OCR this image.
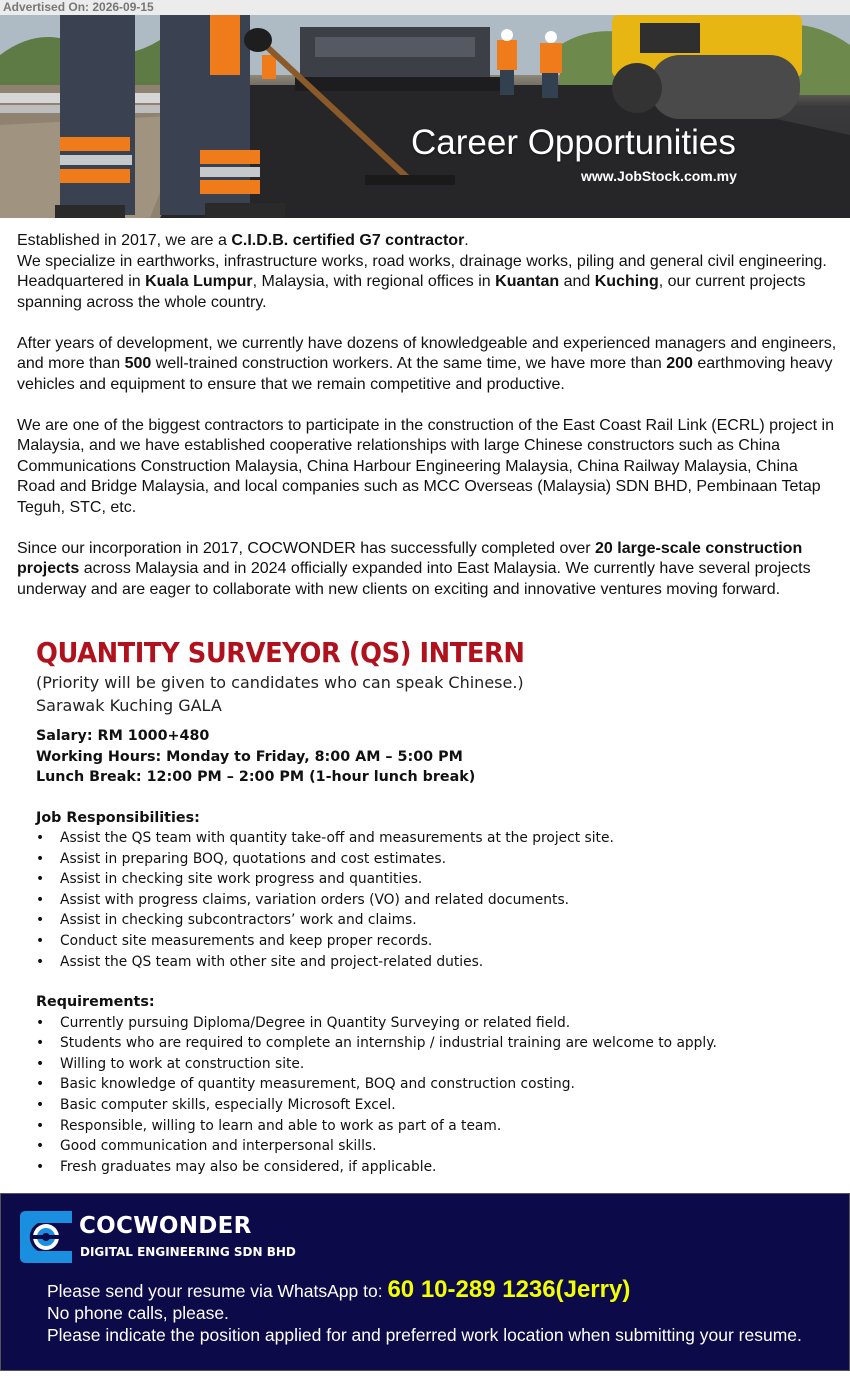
Advertised On: 2026-09-15
Career Opportunities
www.JobStock.com.my

Established in 2017, we are a C.I.D.B. certified G7 contractor.
We specialize in earthworks, infrastructure works, road works, drainage works, piling and general civil engineering. Headquartered in Kuala Lumpur, Malaysia, with regional offices in Kuantan and Kuching, our current projects spanning across the whole country.

After years of development, we currently have dozens of knowledgeable and experienced managers and engineers, and more than 500 well-trained construction workers. At the same time, we have more than 200 earthmoving heavy vehicles and equipment to ensure that we remain competitive and productive.

We are one of the biggest contractors to participate in the construction of the East Coast Rail Link (ECRL) project in Malaysia, and we have established cooperative relationships with large Chinese constructors such as China Communications Construction Malaysia, China Harbour Engineering Malaysia, China Railway Malaysia, China Road and Bridge Malaysia, and local companies such as MCC Overseas (Malaysia) SDN BHD, Pembinaan Tetap Teguh, STC, etc.

Since our incorporation in 2017, COCWONDER has successfully completed over 20 large-scale construction projects across Malaysia and in 2024 officially expanded into East Malaysia. We currently have several projects underway and are eager to collaborate with new clients on exciting and innovative ventures moving forward.

QUANTITY SURVEYOR (QS) INTERN
(Priority will be given to candidates who can speak Chinese.)
Sarawak Kuching GALA
Salary: RM 1000+480
Working Hours: Monday to Friday, 8:00 AM – 5:00 PM
Lunch Break: 12:00 PM – 2:00 PM (1-hour lunch break)
Job Responsibilities:
• Assist the QS team with quantity take-off and measurements at the project site.
• Assist in preparing BOQ, quotations and cost estimates.
• Assist in checking site work progress and quantities.
• Assist with progress claims, variation orders (VO) and related documents.
• Assist in checking subcontractors’ work and claims.
• Conduct site measurements and keep proper records.
• Assist the QS team with other site and project-related duties.
Requirements:
• Currently pursuing Diploma/Degree in Quantity Surveying or related field.
• Students who are required to complete an internship / industrial training are welcome to apply.
• Willing to work at construction site.
• Basic knowledge of quantity measurement, BOQ and construction costing.
• Basic computer skills, especially Microsoft Excel.
• Responsible, willing to learn and able to work as part of a team.
• Good communication and interpersonal skills.
• Fresh graduates may also be considered, if applicable.
COCWONDER
DIGITAL ENGINEERING SDN BHD
Please send your resume via WhatsApp to: 60 10-289 1236(Jerry)
No phone calls, please.
Please indicate the position applied for and preferred work location when submitting your resume.
